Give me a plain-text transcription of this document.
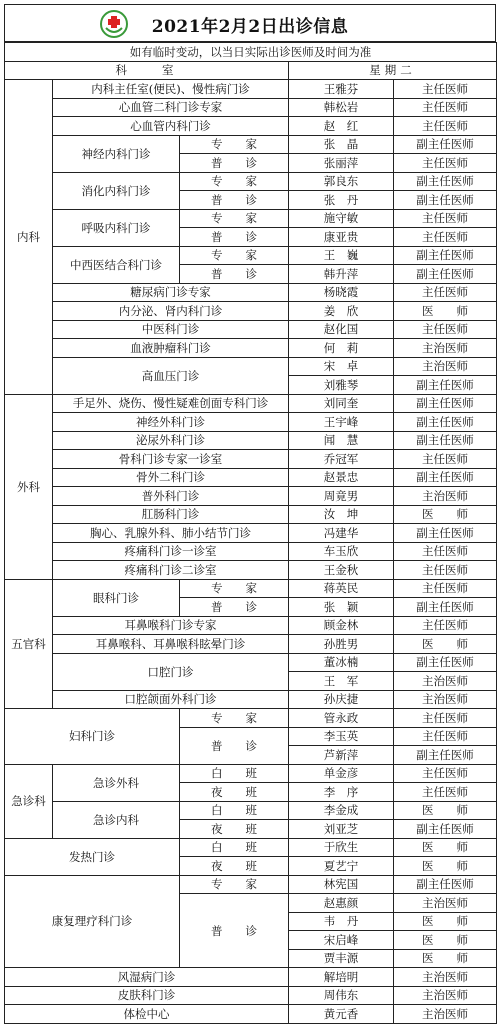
2021年2月2日出诊信息
如有临时变动，以当日实际出诊医师及时间为准				
科　　室			星期二	
内科	内科主任室(便民)、慢性病门诊		王雅芬	主任医师
	心血管二科门诊专家		韩松岩	主任医师
	心血管内科门诊		赵　红	主任医师
	神经内科门诊	专　　家	张　晶	副主任医师
		普　　诊	张丽萍	主任医师
	消化内科门诊	专　　家	郭良东	副主任医师
		普　　诊	张　丹	副主任医师
	呼吸内科门诊	专　　家	施守敏	主任医师
		普　　诊	康亚贵	主任医师
	中西医结合科门诊	专　　家	王　巍	副主任医师
		普　　诊	韩升萍	副主任医师
	糖尿病门诊专家		杨晓霞	主任医师
	内分泌、肾内科门诊		姜　欣	医　　师
	中医科门诊		赵化国	主任医师
	血液肿瘤科门诊		何　莉	主治医师
	高血压门诊		宋　卓	主治医师
			刘雅琴	副主任医师
外科	手足外、烧伤、慢性疑难创面专科门诊		刘同奎	副主任医师
	神经外科门诊		王宇峰	副主任医师
	泌尿外科门诊		闻　慧	副主任医师
	骨科门诊专家一诊室		乔冠军	主任医师
	骨外二科门诊		赵景忠	副主任医师
	普外科门诊		周竟男	主治医师
	肛肠科门诊		汝　坤	医　　师
	胸心、乳腺外科、肺小结节门诊		冯建华	副主任医师
	疼痛科门诊一诊室		车玉欣	主任医师
	疼痛科门诊二诊室		王金秋	主任医师
五官科	眼科门诊	专　　家	蒋英民	主任医师
		普　　诊	张　颖	副主任医师
	耳鼻喉科门诊专家		顾金林	主任医师
	耳鼻喉科、耳鼻喉科眩晕门诊		孙胜男	医　　师
	口腔门诊		董冰楠	副主任医师
			王　军	主治医师
	口腔颌面外科门诊		孙庆捷	主治医师
妇科门诊		专　　家	管永政	主任医师
		普　　诊	李玉英	主任医师
			芦新萍	副主任医师
急诊科	急诊外科	白　　班	单金彦	主任医师
		夜　　班	李　序	主任医师
	急诊内科	白　　班	李金成	医　　师
		夜　　班	刘亚芝	副主任医师
发热门诊		白　　班	于欣生	医　　师
		夜　　班	夏艺宁	医　　师
康复理疗科门诊		专　　家	林宪国	副主任医师
		普　　诊	赵惠颜	主治医师
			韦　丹	医　　师
			宋启峰	医　　师
			贾丰源	医　　师
风湿病门诊			解培明	主治医师
皮肤科门诊			周伟东	主治医师
体检中心			黄元香	主治医师
